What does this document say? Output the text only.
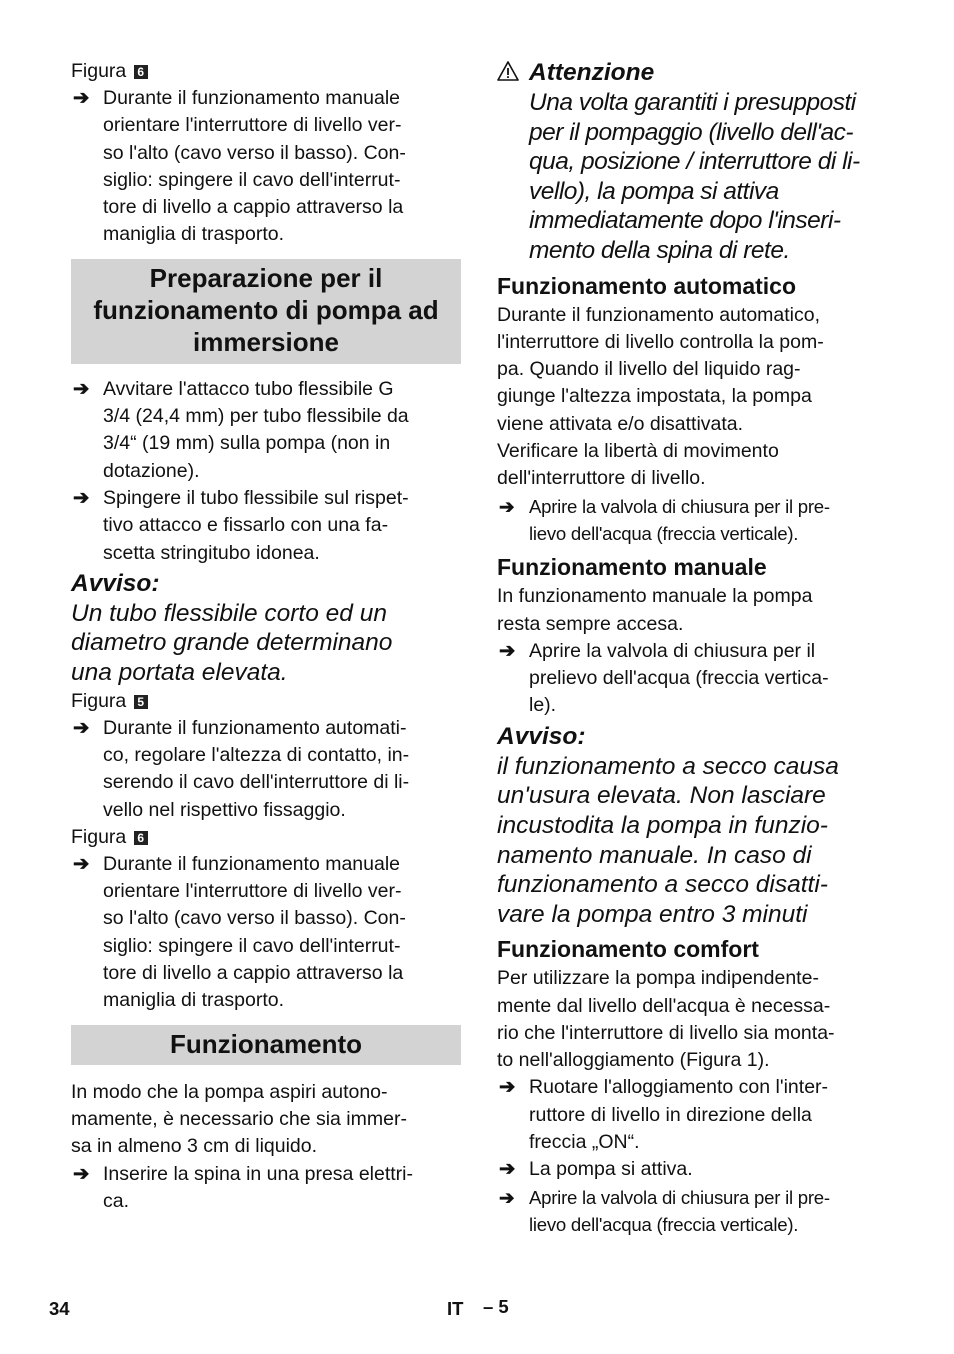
Figura 6
➔ Durante il funzionamento manuale
orientare l'interruttore di livello ver-
so l'alto (cavo verso il basso). Con-
siglio: spingere il cavo dell'interrut-
tore di livello a cappio attraverso la
maniglia di trasporto.
Preparazione per il
funzionamento di pompa ad
immersione
➔ Avvitare l'attacco tubo flessibile G
3/4 (24,4 mm) per tubo flessibile da
3/4“ (19 mm) sulla pompa (non in
dotazione).
➔ Spingere il tubo flessibile sul rispet-
tivo attacco e fissarlo con una fa-
scetta stringitubo idonea.
Avviso:
Un tubo flessibile corto ed un
diametro grande determinano
una portata elevata.
Figura 5
➔ Durante il funzionamento automati-
co, regolare l'altezza di contatto, in-
serendo il cavo dell'interruttore di li-
vello nel rispettivo fissaggio.
Figura 6
➔ Durante il funzionamento manuale
orientare l'interruttore di livello ver-
so l'alto (cavo verso il basso). Con-
siglio: spingere il cavo dell'interrut-
tore di livello a cappio attraverso la
maniglia di trasporto.
Funzionamento
In modo che la pompa aspiri autono-
mamente, è necessario che sia immer-
sa in almeno 3 cm di liquido.
➔ Inserire la spina in una presa elettri-
ca.
Attenzione
Una volta garantiti i presupposti
per il pompaggio (livello dell'ac-
qua, posizione / interruttore di li-
vello), la pompa si attiva
immediatamente dopo l'inseri-
mento della spina di rete.
Funzionamento automatico
Durante il funzionamento automatico,
l'interruttore di livello controlla la pom-
pa. Quando il livello del liquido rag-
giunge l'altezza impostata, la pompa
viene attivata e/o disattivata.
Verificare la libertà di movimento
dell'interruttore di livello.
➔ Aprire la valvola di chiusura per il pre-
lievo dell'acqua (freccia verticale).
Funzionamento manuale
In funzionamento manuale la pompa
resta sempre accesa.
➔ Aprire la valvola di chiusura per il
prelievo dell'acqua (freccia vertica-
le).
Avviso:
il funzionamento a secco causa
un'usura elevata. Non lasciare
incustodita la pompa in funzio-
namento manuale. In caso di
funzionamento a secco disatti-
vare la pompa entro 3 minuti
Funzionamento comfort
Per utilizzare la pompa indipendente-
mente dal livello dell'acqua è necessa-
rio che l'interruttore di livello sia monta-
to nell'alloggiamento (Figura 1).
➔ Ruotare l'alloggiamento con l'inter-
ruttore di livello in direzione della
freccia „ON“.
➔ La pompa si attiva.
➔ Aprire la valvola di chiusura per il pre-
lievo dell'acqua (freccia verticale).
34	IT – 5
